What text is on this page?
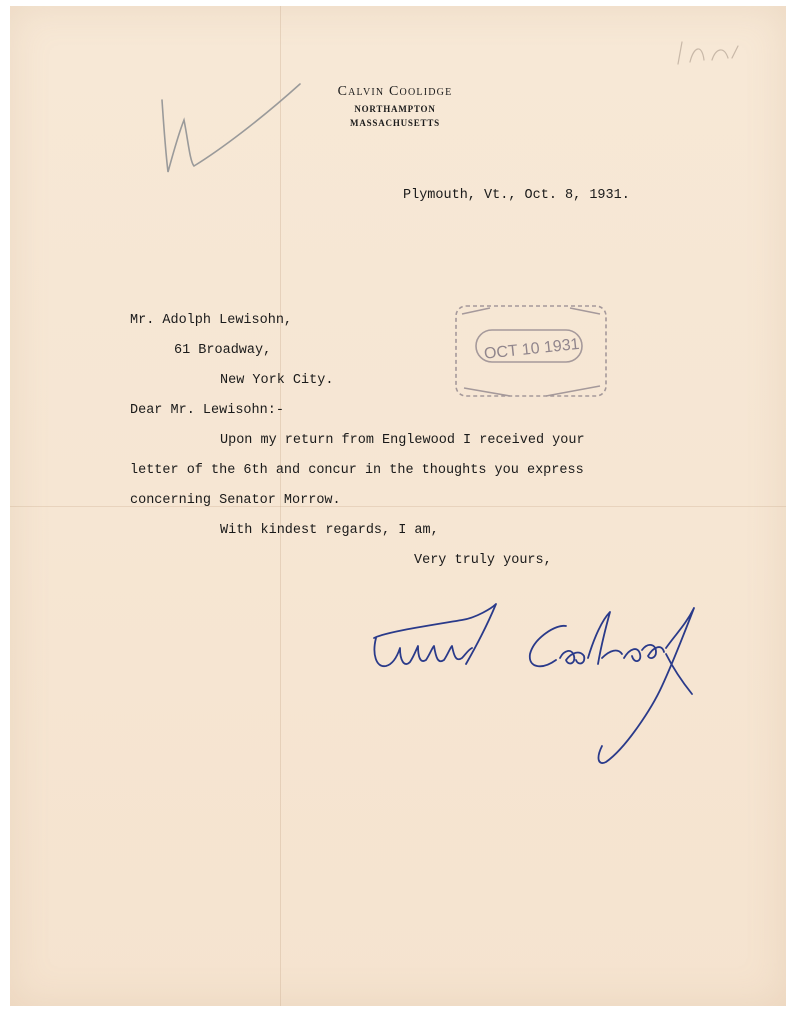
Calvin Coolidge
NORTHAMPTON
MASSACHUSETTS
Plymouth, Vt., Oct. 8, 1931.
Mr. Adolph Lewisohn,
61 Broadway,
New York City.
OCT 10 1931
Dear Mr. Lewisohn:-
Upon my return from Englewood I received your
letter of the 6th and concur in the thoughts you express
concerning Senator Morrow.
With kindest regards, I am,
Very truly yours,
